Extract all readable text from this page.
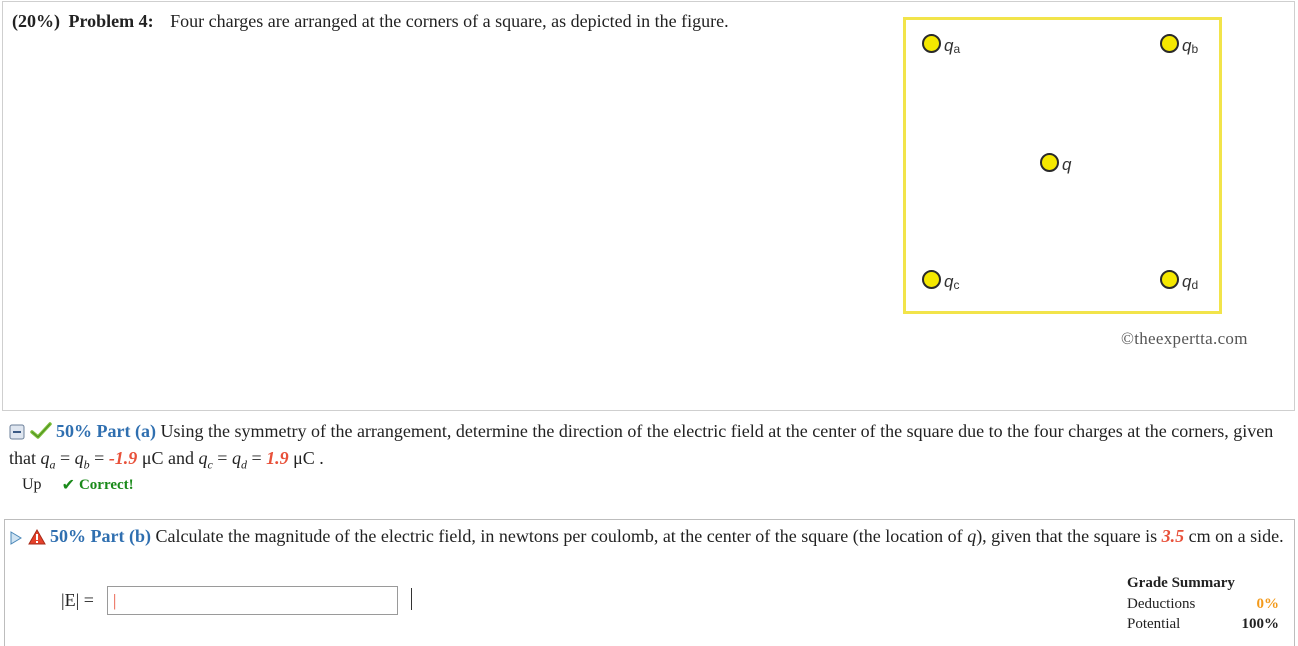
(20%) Problem 4: Four charges are arranged at the corners of a square, as depicted in the figure.
$q_a$	$q_b$
q
$q_c$	$q_d$
©theexpertta.com
50% Part (a) Using the symmetry of the arrangement, determine the direction of the electric field at the center of the square due to the four charges at the corners, given that $q_a = q_b = -1.9$ μC and $q_c = q_d = 1.9$ μC .
Up ✔ Correct!
50% Part (b) Calculate the magnitude of the electric field, in newtons per coulomb, at the center of the square (the location of q), given that the square is 3.5 cm on a side.
|E| =	|
Grade Summary
Deductions	0%
Potential	100%
